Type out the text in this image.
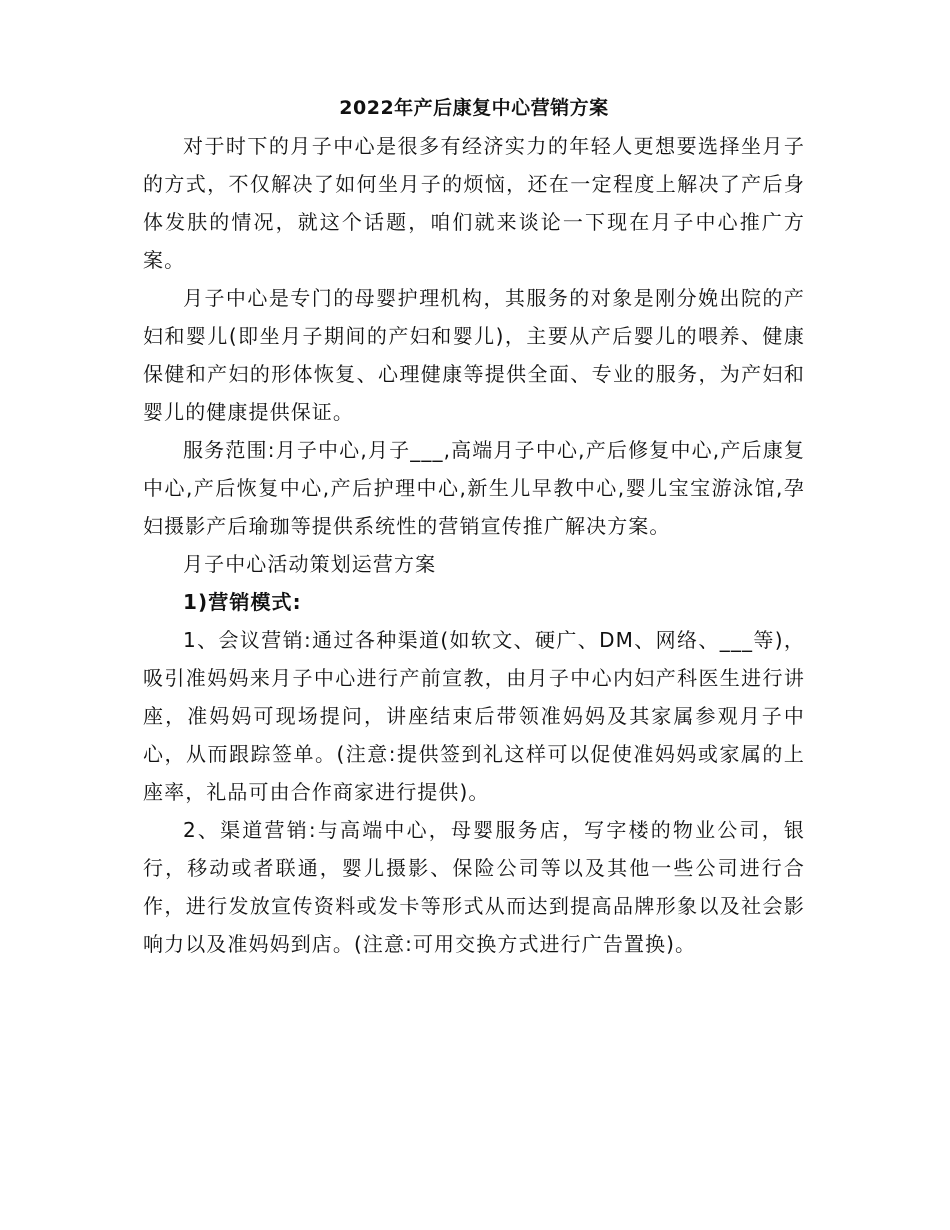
2022年产后康复中心营销方案

对于时下的月子中心是很多有经济实力的年轻人更想要选择坐月子的方式，不仅解决了如何坐月子的烦恼，还在一定程度上解决了产后身体发肤的情况，就这个话题，咱们就来谈论一下现在月子中心推广方案。

月子中心是专门的母婴护理机构，其服务的对象是刚分娩出院的产妇和婴儿(即坐月子期间的产妇和婴儿)，主要从产后婴儿的喂养、健康保健和产妇的形体恢复、心理健康等提供全面、专业的服务，为产妇和婴儿的健康提供保证。

服务范围:月子中心,月子___,高端月子中心,产后修复中心,产后康复中心,产后恢复中心,产后护理中心,新生儿早教中心,婴儿宝宝游泳馆,孕妇摄影产后瑜珈等提供系统性的营销宣传推广解决方案。

月子中心活动策划运营方案

1)营销模式:

1、会议营销:通过各种渠道(如软文、硬广、DM、网络、___等)，吸引准妈妈来月子中心进行产前宣教，由月子中心内妇产科医生进行讲座，准妈妈可现场提问，讲座结束后带领准妈妈及其家属参观月子中心，从而跟踪签单。(注意:提供签到礼这样可以促使准妈妈或家属的上座率，礼品可由合作商家进行提供)。

2、渠道营销:与高端中心，母婴服务店，写字楼的物业公司，银行，移动或者联通，婴儿摄影、保险公司等以及其他一些公司进行合作，进行发放宣传资料或发卡等形式从而达到提高品牌形象以及社会影响力以及准妈妈到店。(注意:可用交换方式进行广告置换)。
